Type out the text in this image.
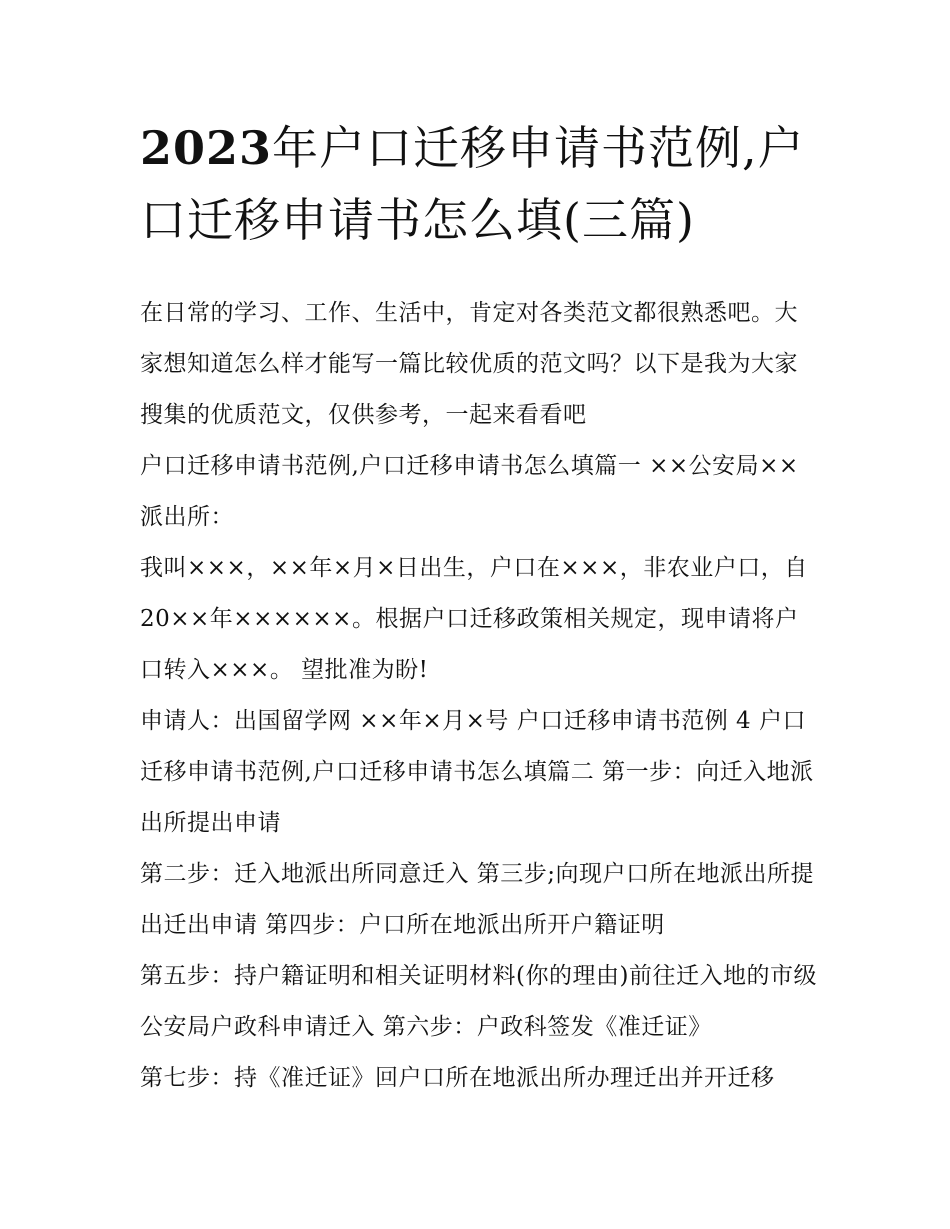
2023年户口迁移申请书范例,户口迁移申请书怎么填(三篇)

在日常的学习、工作、生活中，肯定对各类范文都很熟悉吧。大家想知道怎么样才能写一篇比较优质的范文吗？以下是我为大家搜集的优质范文，仅供参考，一起来看看吧

户口迁移申请书范例,户口迁移申请书怎么填篇一 ××公安局××派出所：

我叫×××，××年×月×日出生，户口在×××，非农业户口，自20××年××××××。根据户口迁移政策相关规定，现申请将户口转入×××。 望批准为盼!

申请人：出国留学网 ××年×月×号 户口迁移申请书范例 4 户口迁移申请书范例,户口迁移申请书怎么填篇二 第一步：向迁入地派出所提出申请

第二步：迁入地派出所同意迁入 第三步;向现户口所在地派出所提出迁出申请 第四步：户口所在地派出所开户籍证明

第五步：持户籍证明和相关证明材料(你的理由)前往迁入地的市级公安局户政科申请迁入 第六步：户政科签发《准迁证》

第七步：持《准迁证》回户口所在地派出所办理迁出并开迁移
